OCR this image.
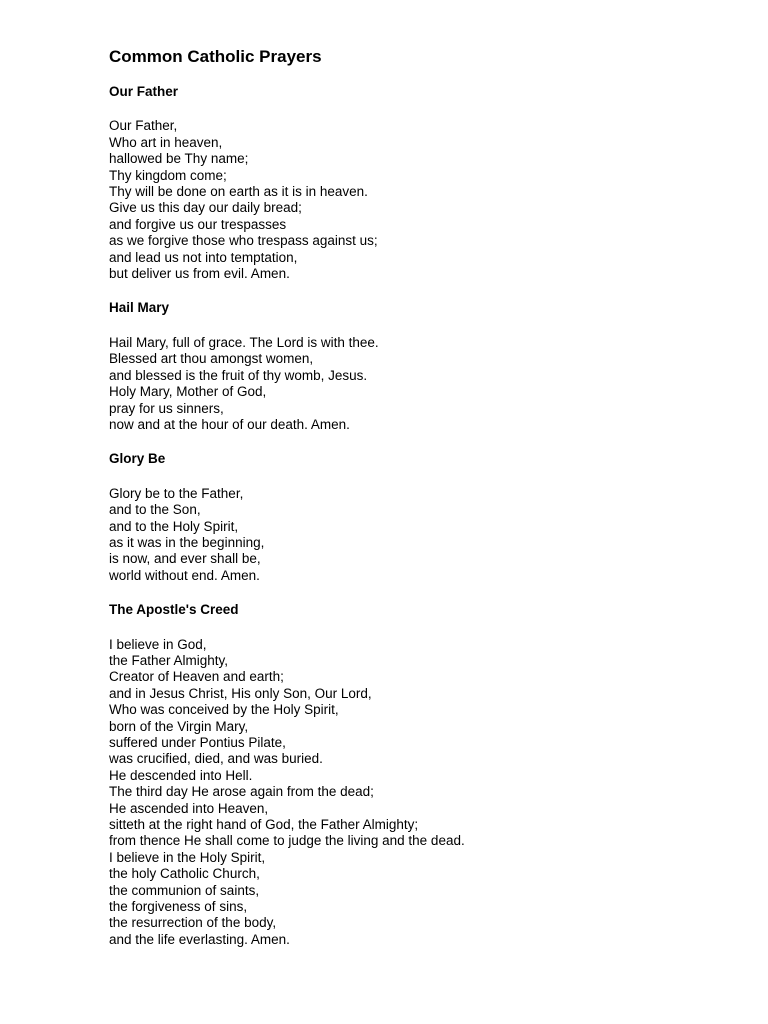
Common Catholic Prayers
Our Father
Our Father,
Who art in heaven,
hallowed be Thy name;
Thy kingdom come;
Thy will be done on earth as it is in heaven.
Give us this day our daily bread;
and forgive us our trespasses
as we forgive those who trespass against us;
and lead us not into temptation,
but deliver us from evil. Amen.
Hail Mary
Hail Mary, full of grace. The Lord is with thee.
Blessed art thou amongst women,
and blessed is the fruit of thy womb, Jesus.
Holy Mary, Mother of God,
pray for us sinners,
now and at the hour of our death. Amen.
Glory Be
Glory be to the Father,
and to the Son,
and to the Holy Spirit,
as it was in the beginning,
is now, and ever shall be,
world without end. Amen.
The Apostle's Creed
I believe in God,
the Father Almighty,
Creator of Heaven and earth;
and in Jesus Christ, His only Son, Our Lord,
Who was conceived by the Holy Spirit,
born of the Virgin Mary,
suffered under Pontius Pilate,
was crucified, died, and was buried.
He descended into Hell.
The third day He arose again from the dead;
He ascended into Heaven,
sitteth at the right hand of God, the Father Almighty;
from thence He shall come to judge the living and the dead.
I believe in the Holy Spirit,
the holy Catholic Church,
the communion of saints,
the forgiveness of sins,
the resurrection of the body,
and the life everlasting. Amen.
